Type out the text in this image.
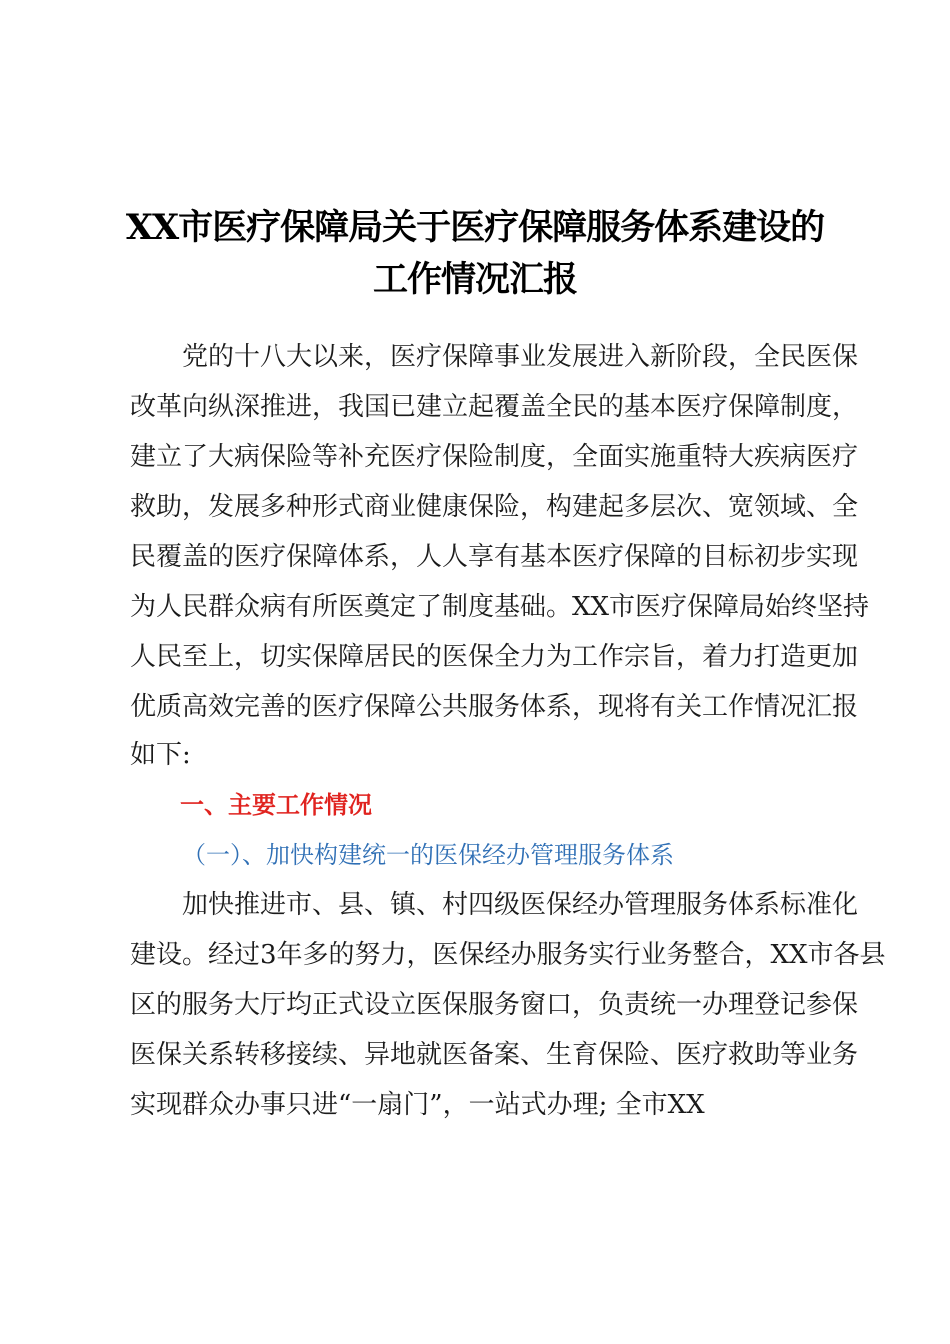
XX市医疗保障局关于医疗保障服务体系建设的
工作情况汇报
党的十八大以来，医疗保障事业发展进入新阶段，全民医保
改革向纵深推进，我国已建立起覆盖全民的基本医疗保障制度，
建立了大病保险等补充医疗保险制度，全面实施重特大疾病医疗
救助，发展多种形式商业健康保险，构建起多层次、宽领域、全
民覆盖的医疗保障体系，人人享有基本医疗保障的目标初步实现
为人民群众病有所医奠定了制度基础。XX市医疗保障局始终坚持
人民至上，切实保障居民的医保全力为工作宗旨，着力打造更加
优质高效完善的医疗保障公共服务体系，现将有关工作情况汇报
如下:
一、主要工作情况
（一）、加快构建统一的医保经办管理服务体系
加快推进市、县、镇、村四级医保经办管理服务体系标准化
建设。经过3年多的努力，医保经办服务实行业务整合，XX市各县
区的服务大厅均正式设立医保服务窗口，负责统一办理登记参保
医保关系转移接续、异地就医备案、生育保险、医疗救助等业务
实现群众办事只进“一扇门”，一站式办理; 全市XX
